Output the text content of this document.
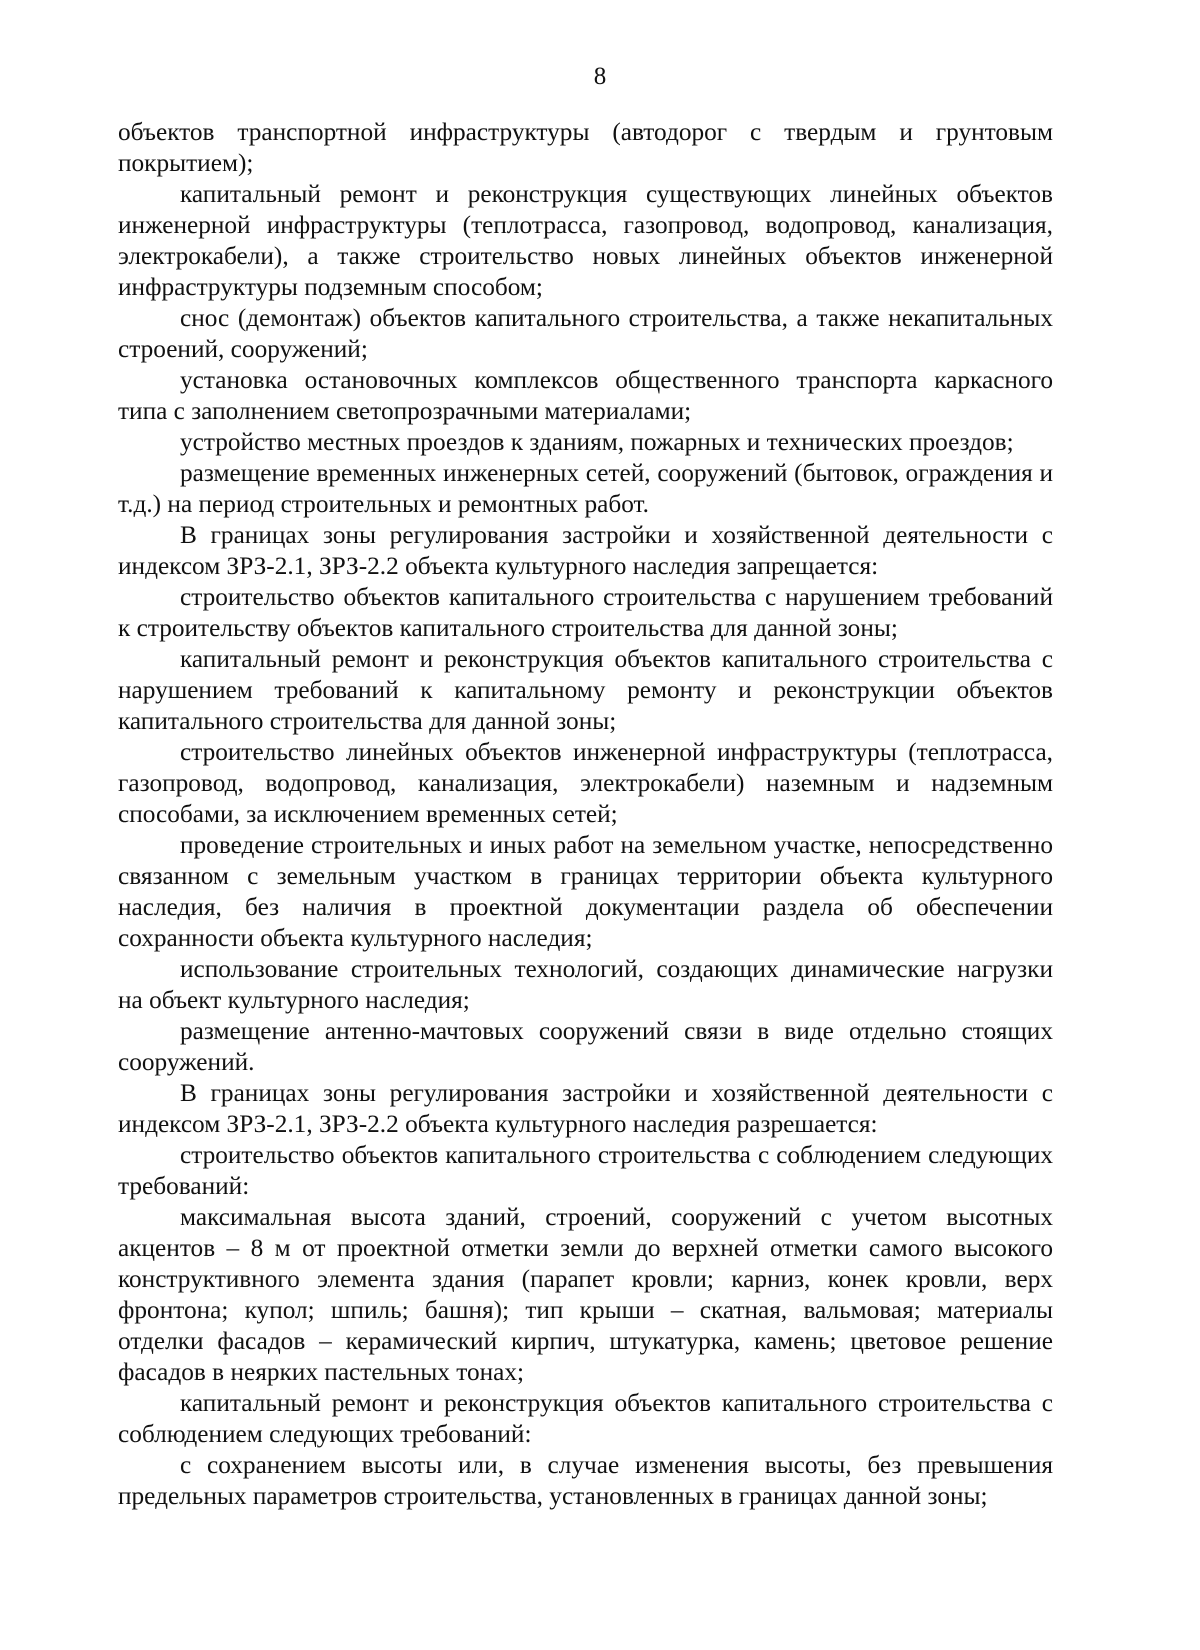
8

объектов транспортной инфраструктуры (автодорог с твердым и грунтовым покрытием);

капитальный ремонт и реконструкция существующих линейных объектов инженерной инфраструктуры (теплотрасса, газопровод, водопровод, канализация, электрокабели), а также строительство новых линейных объектов инженерной инфраструктуры подземным способом;

снос (демонтаж) объектов капитального строительства, а также некапитальных строений, сооружений;

установка остановочных комплексов общественного транспорта каркасного типа с заполнением светопрозрачными материалами;

устройство местных проездов к зданиям, пожарных и технических проездов;

размещение временных инженерных сетей, сооружений (бытовок, ограждения и т.д.) на период строительных и ремонтных работ.

В границах зоны регулирования застройки и хозяйственной деятельности с индексом ЗРЗ-2.1, ЗРЗ-2.2 объекта культурного наследия запрещается:

строительство объектов капитального строительства с нарушением требований к строительству объектов капитального строительства для данной зоны;

капитальный ремонт и реконструкция объектов капитального строительства с нарушением требований к капитальному ремонту и реконструкции объектов капитального строительства для данной зоны;

строительство линейных объектов инженерной инфраструктуры (теплотрасса, газопровод, водопровод, канализация, электрокабели) наземным и надземным способами, за исключением временных сетей;

проведение строительных и иных работ на земельном участке, непосредственно связанном с земельным участком в границах территории объекта культурного наследия, без наличия в проектной документации раздела об обеспечении сохранности объекта культурного наследия;

использование строительных технологий, создающих динамические нагрузки на объект культурного наследия;

размещение антенно-мачтовых сооружений связи в виде отдельно стоящих сооружений.

В границах зоны регулирования застройки и хозяйственной деятельности с индексом ЗРЗ-2.1, ЗРЗ-2.2 объекта культурного наследия разрешается:

строительство объектов капитального строительства с соблюдением следующих требований:

максимальная высота зданий, строений, сооружений с учетом высотных акцентов – 8 м от проектной отметки земли до верхней отметки самого высокого конструктивного элемента здания (парапет кровли; карниз, конек кровли, верх фронтона; купол; шпиль; башня); тип крыши – скатная, вальмовая; материалы отделки фасадов – керамический кирпич, штукатурка, камень; цветовое решение фасадов в неярких пастельных тонах;

капитальный ремонт и реконструкция объектов капитального строительства с соблюдением следующих требований:

с сохранением высоты или, в случае изменения высоты, без превышения предельных параметров строительства, установленных в границах данной зоны;
